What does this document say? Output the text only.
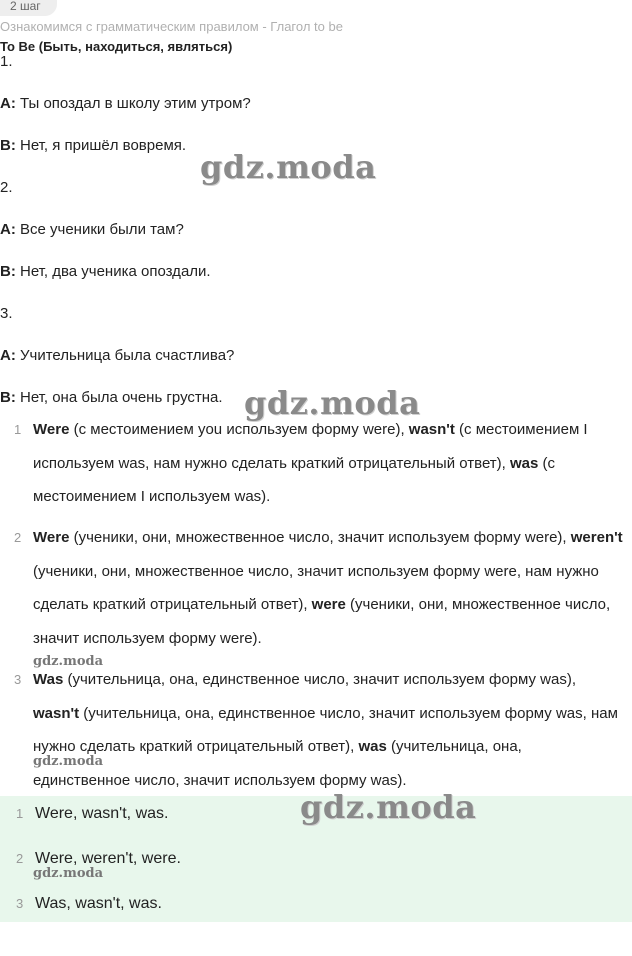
2 шаг
Ознакомимся с грамматическим правилом - Глагол to be
To Be (Быть, находиться, являться)
1.
A: Ты опоздал в школу этим утром?
B: Нет, я пришёл вовремя.
2.
A: Все ученики были там?
B: Нет, два ученика опоздали.
3.
A: Учительница была счастлива?
B: Нет, она была очень грустна.
1 Were (с местоимением you используем форму were), wasn't (с местоимением I используем was, нам нужно сделать краткий отрицательный ответ), was (с местоимением I используем was).
2 Were (ученики, они, множественное число, значит используем форму were), weren't (ученики, они, множественное число, значит используем форму were, нам нужно сделать краткий отрицательный ответ), were (ученики, они, множественное число, значит используем форму were).
3 Was (учительница, она, единственное число, значит используем форму was), wasn't (учительница, она, единственное число, значит используем форму was, нам нужно сделать краткий отрицательный ответ), was (учительница, она, единственное число, значит используем форму was).
1 Were, wasn't, was.
2 Were, weren't, were.
3 Was, wasn't, was.
gdz.moda
gdz.moda
gdz.moda
gdz.moda
gdz.moda
gdz.moda
